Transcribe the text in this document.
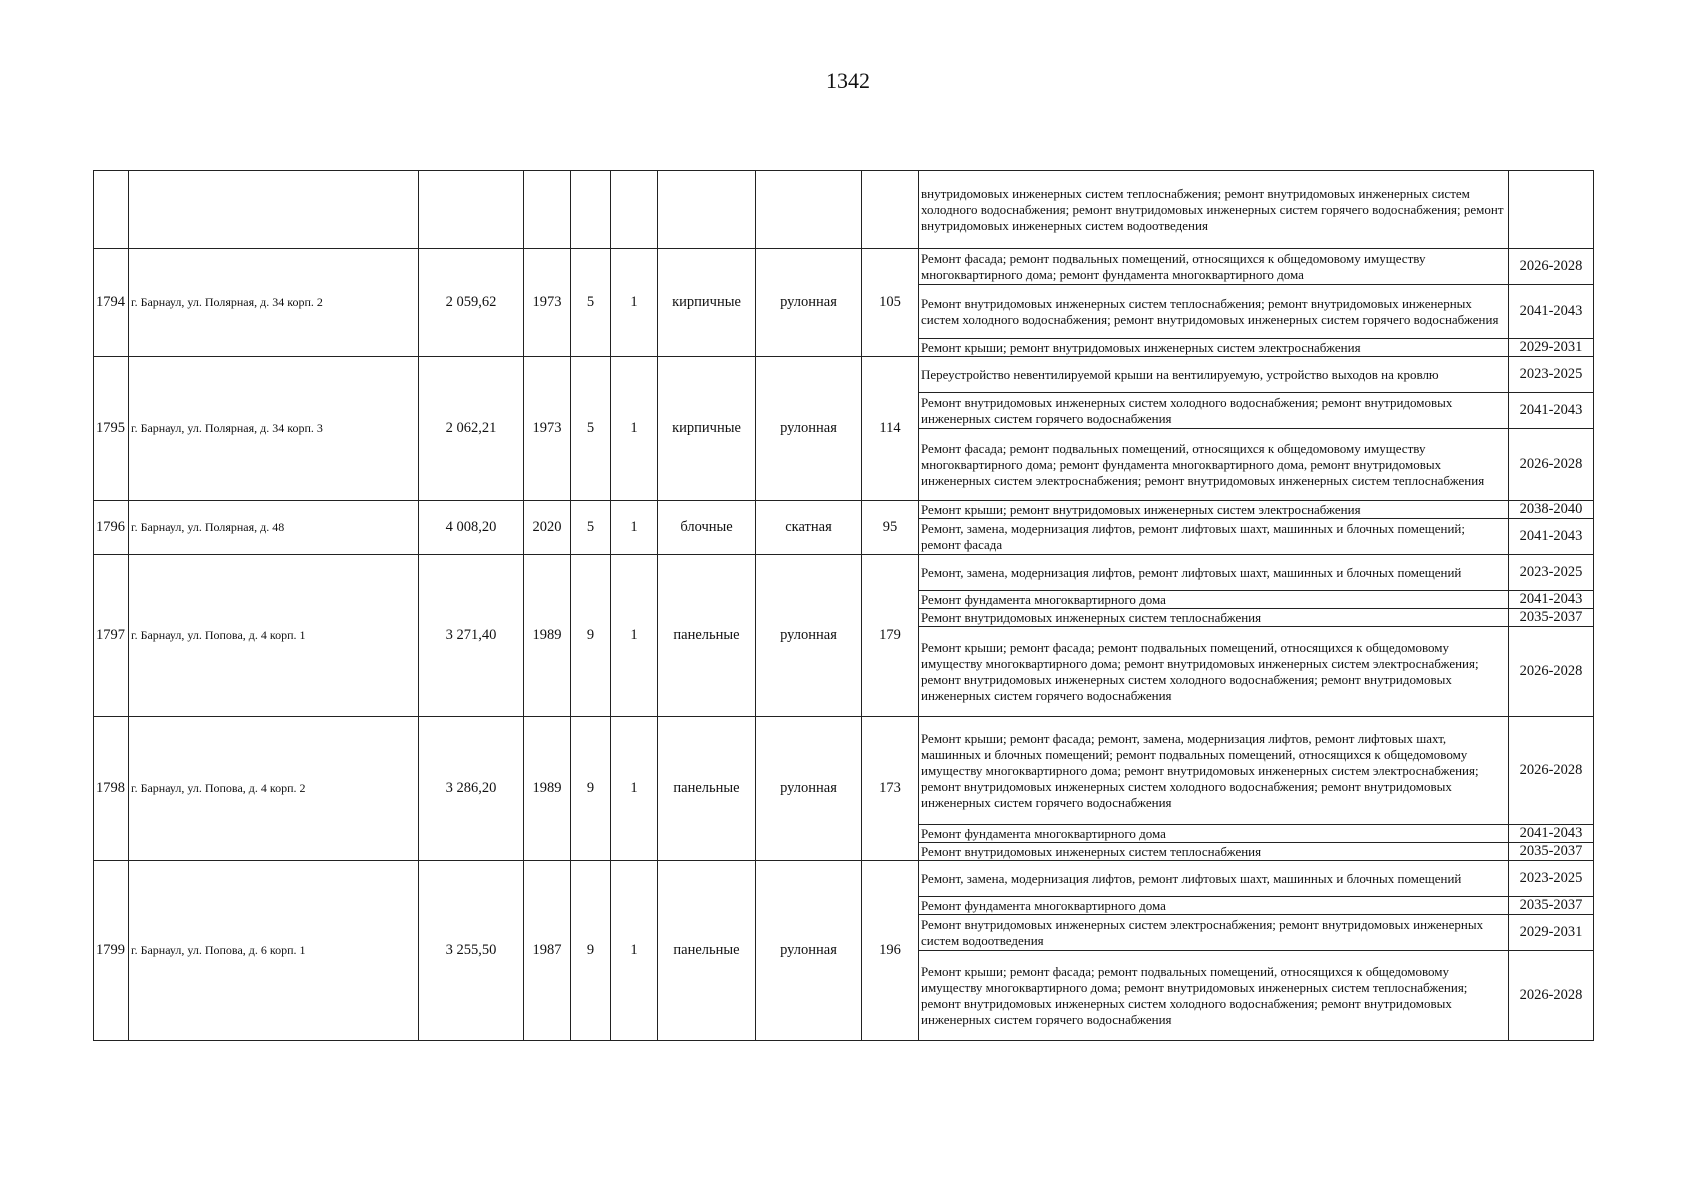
1342
									внутридомовых инженерных систем теплоснабжения; ремонт внутридомовых инженерных систем холодного водоснабжения; ремонт внутридомовых инженерных систем горячего водоснабжения; ремонт внутридомовых инженерных систем водоотведения	
1794	г. Барнаул, ул. Полярная, д. 34 корп. 2	2 059,62	1973	5	1	кирпичные	рулонная	105	Ремонт фасада; ремонт подвальных помещений, относящихся к общедомовому имуществу многоквартирного дома; ремонт фундамента многоквартирного дома	2026-2028
									Ремонт внутридомовых инженерных систем теплоснабжения; ремонт внутридомовых инженерных систем холодного водоснабжения; ремонт внутридомовых инженерных систем горячего водоснабжения	2041-2043
									Ремонт крыши; ремонт внутридомовых инженерных систем электроснабжения	2029-2031
1795	г. Барнаул, ул. Полярная, д. 34 корп. 3	2 062,21	1973	5	1	кирпичные	рулонная	114	Переустройство невентилируемой крыши на вентилируемую, устройство выходов на кровлю	2023-2025
									Ремонт внутридомовых инженерных систем холодного водоснабжения; ремонт внутридомовых инженерных систем горячего водоснабжения	2041-2043
									Ремонт фасада; ремонт подвальных помещений, относящихся к общедомовому имуществу многоквартирного дома; ремонт фундамента многоквартирного дома, ремонт внутридомовых инженерных систем электроснабжения; ремонт внутридомовых инженерных систем теплоснабжения	2026-2028
1796	г. Барнаул, ул. Полярная, д. 48	4 008,20	2020	5	1	блочные	скатная	95	Ремонт крыши; ремонт внутридомовых инженерных систем электроснабжения	2038-2040
									Ремонт, замена, модернизация лифтов, ремонт лифтовых шахт, машинных и блочных помещений; ремонт фасада	2041-2043
1797	г. Барнаул, ул. Попова, д. 4 корп. 1	3 271,40	1989	9	1	панельные	рулонная	179	Ремонт, замена, модернизация лифтов, ремонт лифтовых шахт, машинных и блочных помещений	2023-2025
									Ремонт фундамента многоквартирного дома	2041-2043
									Ремонт внутридомовых инженерных систем теплоснабжения	2035-2037
									Ремонт крыши; ремонт фасада; ремонт подвальных помещений, относящихся к общедомовому имуществу многоквартирного дома; ремонт внутридомовых инженерных систем электроснабжения; ремонт внутридомовых инженерных систем холодного водоснабжения; ремонт внутридомовых инженерных систем горячего водоснабжения	2026-2028
1798	г. Барнаул, ул. Попова, д. 4 корп. 2	3 286,20	1989	9	1	панельные	рулонная	173	Ремонт крыши; ремонт фасада; ремонт, замена, модернизация лифтов, ремонт лифтовых шахт, машинных и блочных помещений; ремонт подвальных помещений, относящихся к общедомовому имуществу многоквартирного дома; ремонт внутридомовых инженерных систем электроснабжения; ремонт внутридомовых инженерных систем холодного водоснабжения; ремонт внутридомовых инженерных систем горячего водоснабжения	2026-2028
									Ремонт фундамента многоквартирного дома	2041-2043
									Ремонт внутридомовых инженерных систем теплоснабжения	2035-2037
1799	г. Барнаул, ул. Попова, д. 6 корп. 1	3 255,50	1987	9	1	панельные	рулонная	196	Ремонт, замена, модернизация лифтов, ремонт лифтовых шахт, машинных и блочных помещений	2023-2025
									Ремонт фундамента многоквартирного дома	2035-2037
									Ремонт внутридомовых инженерных систем электроснабжения; ремонт внутридомовых инженерных систем водоотведения	2029-2031
									Ремонт крыши; ремонт фасада; ремонт подвальных помещений, относящихся к общедомовому имуществу многоквартирного дома; ремонт внутридомовых инженерных систем теплоснабжения; ремонт внутридомовых инженерных систем холодного водоснабжения; ремонт внутридомовых инженерных систем горячего водоснабжения	2026-2028
